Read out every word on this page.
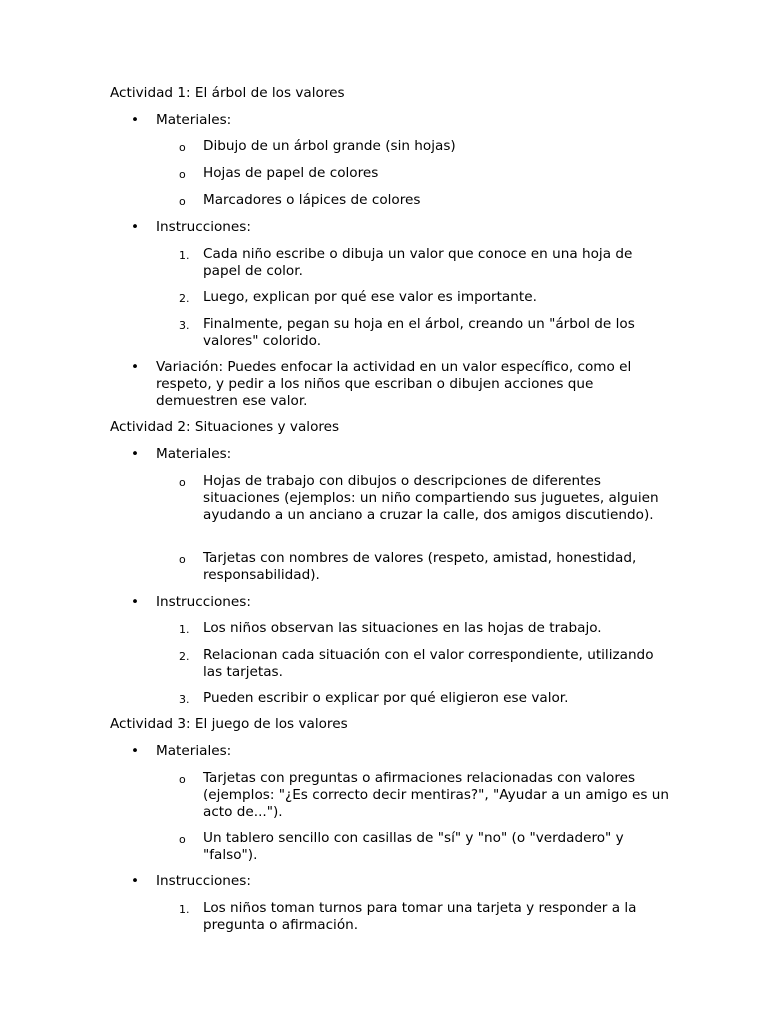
Actividad 1: El árbol de los valores
• Materiales:
o Dibujo de un árbol grande (sin hojas)
o Hojas de papel de colores
o Marcadores o lápices de colores
• Instrucciones:
1. Cada niño escribe o dibuja un valor que conoce en una hoja de papel de color.
2. Luego, explican por qué ese valor es importante.
3. Finalmente, pegan su hoja en el árbol, creando un "árbol de los valores" colorido.
• Variación: Puedes enfocar la actividad en un valor específico, como el respeto, y pedir a los niños que escriban o dibujen acciones que demuestren ese valor.
Actividad 2: Situaciones y valores
• Materiales:
o Hojas de trabajo con dibujos o descripciones de diferentes situaciones (ejemplos: un niño compartiendo sus juguetes, alguien ayudando a un anciano a cruzar la calle, dos amigos discutiendo).
o Tarjetas con nombres de valores (respeto, amistad, honestidad, responsabilidad).
• Instrucciones:
1. Los niños observan las situaciones en las hojas de trabajo.
2. Relacionan cada situación con el valor correspondiente, utilizando las tarjetas.
3. Pueden escribir o explicar por qué eligieron ese valor.
Actividad 3: El juego de los valores
• Materiales:
o Tarjetas con preguntas o afirmaciones relacionadas con valores (ejemplos: "¿Es correcto decir mentiras?", "Ayudar a un amigo es un acto de...").
o Un tablero sencillo con casillas de "sí" y "no" (o "verdadero" y "falso").
• Instrucciones:
1. Los niños toman turnos para tomar una tarjeta y responder a la pregunta o afirmación.
